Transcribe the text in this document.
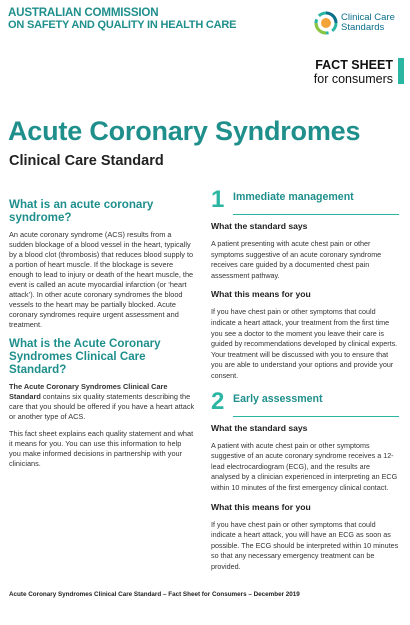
AUSTRALIAN COMMISSION
ON SAFETY AND QUALITY IN HEALTH CARE
Clinical Care
Standards
FACT SHEET
for consumers
Acute Coronary Syndromes
Clinical Care Standard
What is an acute coronary syndrome?

An acute coronary syndrome (ACS) results from a sudden blockage of a blood vessel in the heart, typically by a blood clot (thrombosis) that reduces blood supply to a portion of heart muscle. If the blockage is severe enough to lead to injury or death of the heart muscle, the event is called an acute myocardial infarction (or ‘heart attack’). In other acute coronary syndromes the blood vessels to the heart may be partially blocked. Acute coronary syndromes require urgent assessment and treatment.

What is the Acute Coronary Syndromes Clinical Care Standard?

The Acute Coronary Syndromes Clinical Care Standard contains six quality statements describing the care that you should be offered if you have a heart attack or another type of ACS.

This fact sheet explains each quality statement and what it means for you. You can use this information to help you make informed decisions in partnership with your clinicians.

1 Immediate management
What the standard says

A patient presenting with acute chest pain or other symptoms suggestive of an acute coronary syndrome receives care guided by a documented chest pain assessment pathway.

What this means for you

If you have chest pain or other symptoms that could indicate a heart attack, your treatment from the first time you see a doctor to the moment you leave their care is guided by recommendations developed by clinical experts. Your treatment will be discussed with you to ensure that you are able to understand your options and provide your consent.

2 Early assessment
What the standard says

A patient with acute chest pain or other symptoms suggestive of an acute coronary syndrome receives a 12-lead electrocardiogram (ECG), and the results are analysed by a clinician experienced in interpreting an ECG within 10 minutes of the first emergency clinical contact.

What this means for you

If you have chest pain or other symptoms that could indicate a heart attack, you will have an ECG as soon as possible. The ECG should be interpreted within 10 minutes so that any necessary emergency treatment can be provided.

Acute Coronary Syndromes Clinical Care Standard – Fact Sheet for Consumers – December 2019
